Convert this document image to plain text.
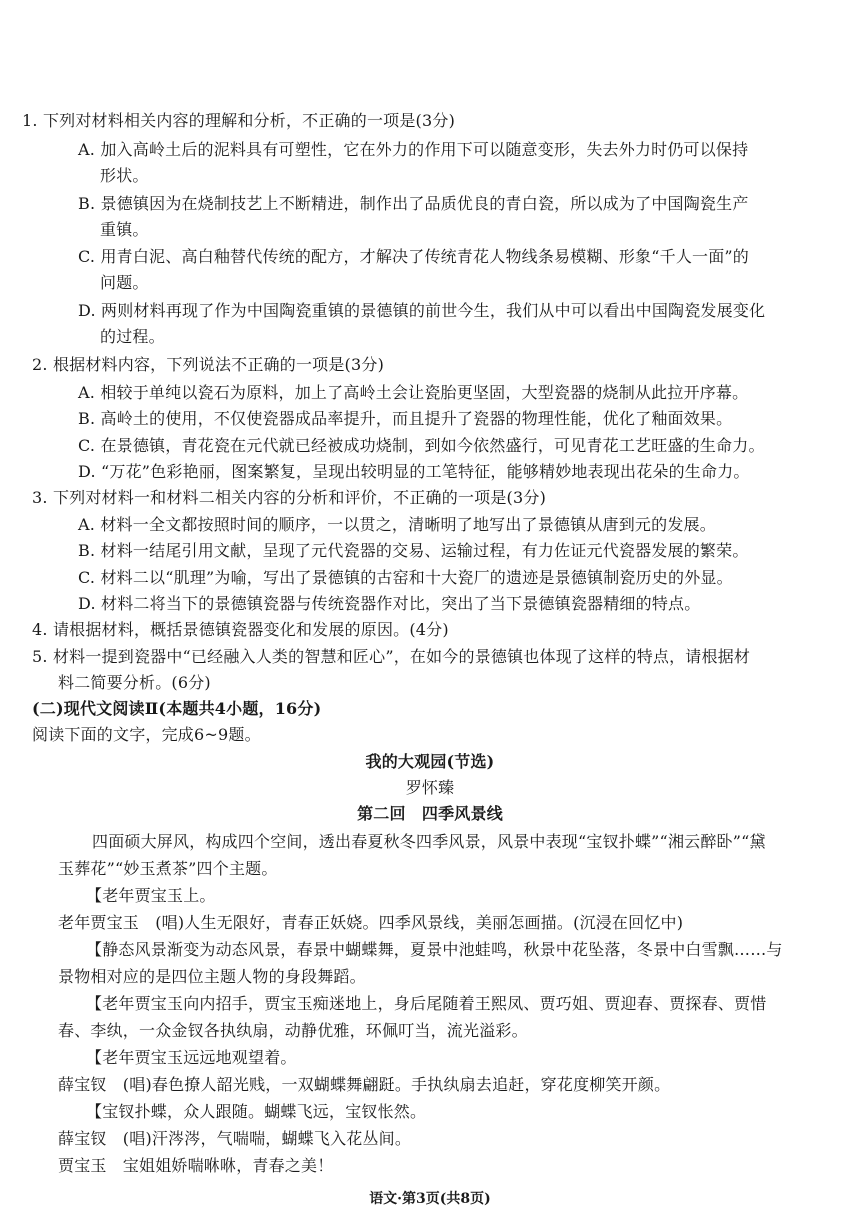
1. 下列对材料相关内容的理解和分析，不正确的一项是(3分)
A. 加入高岭土后的泥料具有可塑性，它在外力的作用下可以随意变形，失去外力时仍可以保持
形状。
B. 景德镇因为在烧制技艺上不断精进，制作出了品质优良的青白瓷，所以成为了中国陶瓷生产
重镇。
C. 用青白泥、高白釉替代传统的配方，才解决了传统青花人物线条易模糊、形象“千人一面”的
问题。
D. 两则材料再现了作为中国陶瓷重镇的景德镇的前世今生，我们从中可以看出中国陶瓷发展变化
的过程。
2. 根据材料内容，下列说法不正确的一项是(3分)
A. 相较于单纯以瓷石为原料，加上了高岭土会让瓷胎更坚固，大型瓷器的烧制从此拉开序幕。
B. 高岭土的使用，不仅使瓷器成品率提升，而且提升了瓷器的物理性能，优化了釉面效果。
C. 在景德镇，青花瓷在元代就已经被成功烧制，到如今依然盛行，可见青花工艺旺盛的生命力。
D. “万花”色彩艳丽，图案繁复，呈现出较明显的工笔特征，能够精妙地表现出花朵的生命力。
3. 下列对材料一和材料二相关内容的分析和评价，不正确的一项是(3分)
A. 材料一全文都按照时间的顺序，一以贯之，清晰明了地写出了景德镇从唐到元的发展。
B. 材料一结尾引用文献，呈现了元代瓷器的交易、运输过程，有力佐证元代瓷器发展的繁荣。
C. 材料二以“肌理”为喻，写出了景德镇的古窑和十大瓷厂的遗迹是景德镇制瓷历史的外显。
D. 材料二将当下的景德镇瓷器与传统瓷器作对比，突出了当下景德镇瓷器精细的特点。
4. 请根据材料，概括景德镇瓷器变化和发展的原因。(4分)
5. 材料一提到瓷器中“已经融入人类的智慧和匠心”，在如今的景德镇也体现了这样的特点，请根据材
料二简要分析。(6分)
(二)现代文阅读Ⅱ(本题共4小题，16分)
阅读下面的文字，完成6~9题。
我的大观园(节选)
罗怀臻
第二回　四季风景线
四面硕大屏风，构成四个空间，透出春夏秋冬四季风景，风景中表现“宝钗扑蝶”“湘云醉卧”“黛
玉葬花”“妙玉煮茶”四个主题。
【老年贾宝玉上。
老年贾宝玉　(唱)人生无限好，青春正妖娆。四季风景线，美丽怎画描。(沉浸在回忆中)
【静态风景渐变为动态风景，春景中蝴蝶舞，夏景中池蛙鸣，秋景中花坠落，冬景中白雪飘……与
景物相对应的是四位主题人物的身段舞蹈。
【老年贾宝玉向内招手，贾宝玉痴迷地上，身后尾随着王熙凤、贾巧姐、贾迎春、贾探春、贾惜
春、李纨，一众金钗各执纨扇，动静优雅，环佩叮当，流光溢彩。
【老年贾宝玉远远地观望着。
薛宝钗　(唱)春色撩人韶光贱，一双蝴蝶舞翩跹。手执纨扇去追赶，穿花度柳笑开颜。
【宝钗扑蝶，众人跟随。蝴蝶飞远，宝钗怅然。
薛宝钗　(唱)汗涔涔，气喘喘，蝴蝶飞入花丛间。
贾宝玉　宝姐姐娇喘咻咻，青春之美！
语文·第3页(共8页)
